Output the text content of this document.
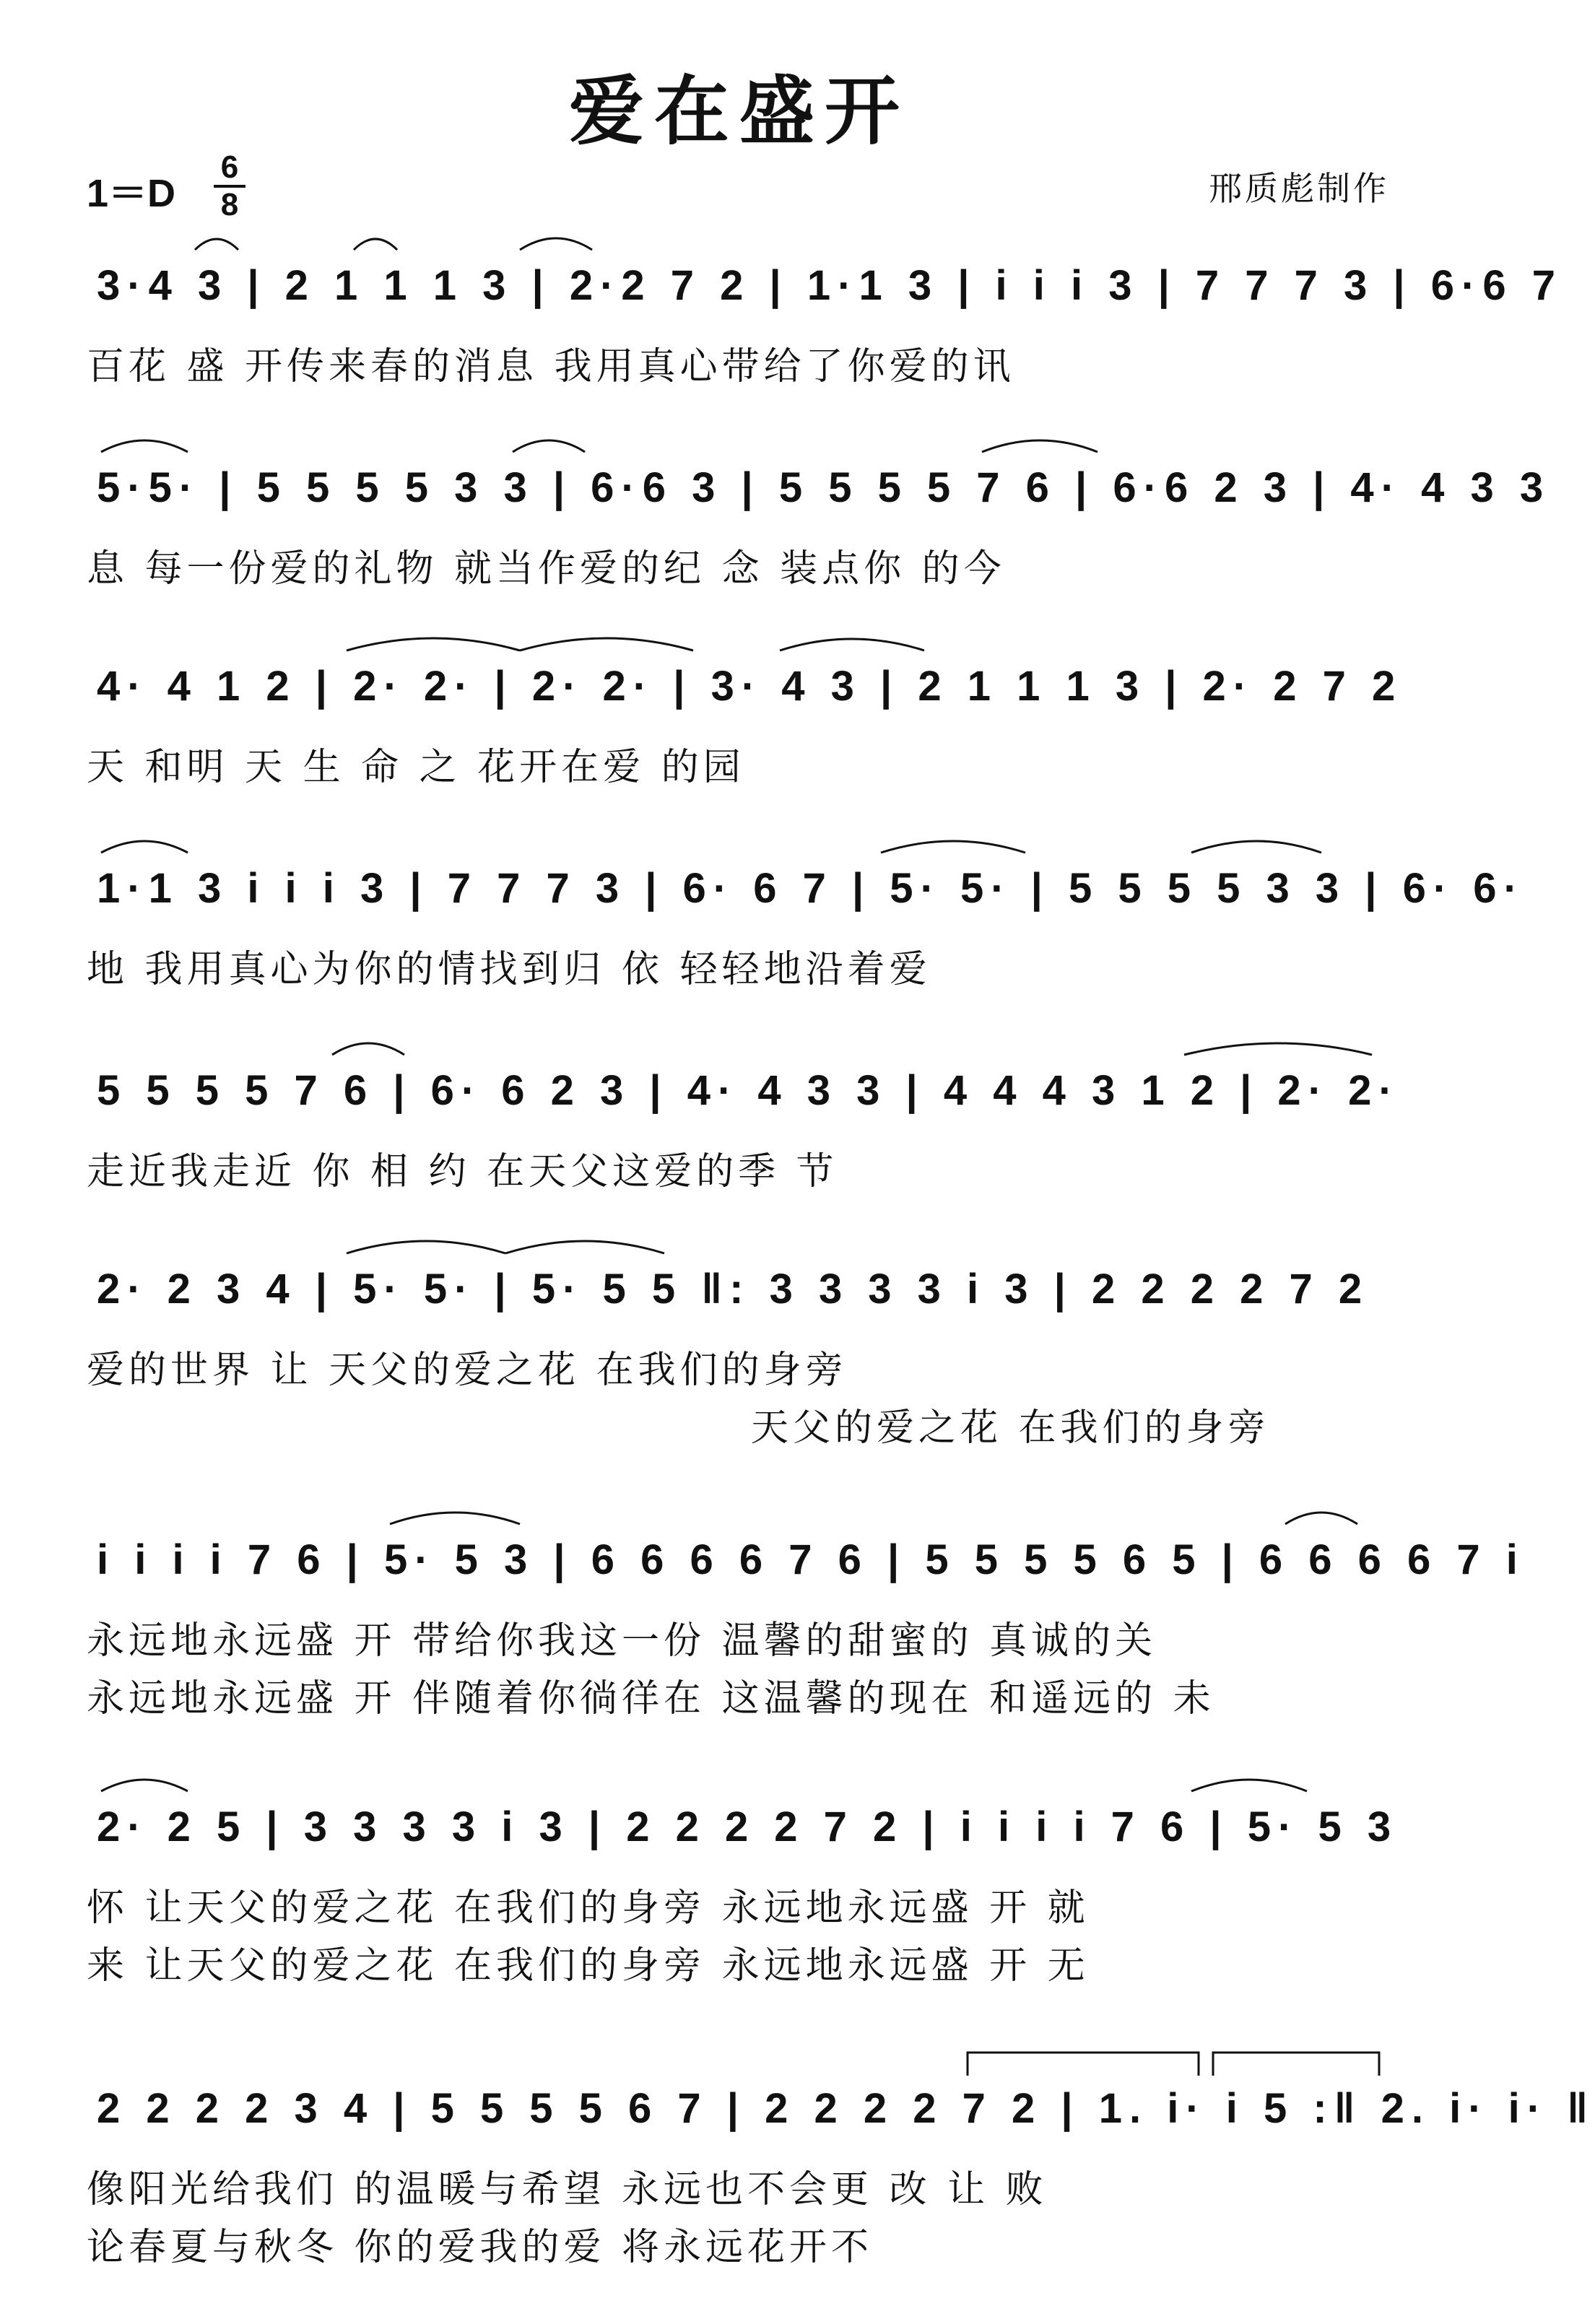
爱在盛开
1＝D
6
8	邢质彪制作
3·4 3 | 2 1 1 1 3 | 2·2 7 2 | 1·1 3 | i i i 3 | 7 7 7 3 | 6·6 7
百花 盛 开传来春的消息 我用真心带给了你爱的讯
5·5· | 5 5 5 5 3 3 | 6·6 3 | 5 5 5 5 7 6 | 6·6 2 3 | 4· 4 3 3
息 每一份爱的礼物 就当作爱的纪 念 装点你 的今
4· 4 1 2 | 2· 2· | 2· 2· | 3· 4 3 | 2 1 1 1 3 | 2· 2 7 2
天 和明 天 生 命 之 花开在爱 的园
1·1 3 i i i 3 | 7 7 7 3 | 6· 6 7 | 5· 5· | 5 5 5 5 3 3 | 6· 6·
地 我用真心为你的情找到归 依 轻轻地沿着爱
5 5 5 5 7 6 | 6· 6 2 3 | 4· 4 3 3 | 4 4 4 3 1 2 | 2· 2·
走近我走近 你 相 约 在天父这爱的季 节
2· 2 3 4 | 5· 5· | 5· 5 5 ‖: 3 3 3 3 i 3 | 2 2 2 2 7 2
爱的世界 让 天父的爱之花 在我们的身旁
天父的爱之花 在我们的身旁
i i i i 7 6 | 5· 5 3 | 6 6 6 6 7 6 | 5 5 5 5 6 5 | 6 6 6 6 7 i
永远地永远盛 开 带给你我这一份 温馨的甜蜜的 真诚的关
永远地永远盛 开 伴随着你徜徉在 这温馨的现在 和遥远的 未
2· 2 5 | 3 3 3 3 i 3 | 2 2 2 2 7 2 | i i i i 7 6 | 5· 5 3
怀 让天父的爱之花 在我们的身旁 永远地永远盛 开 就
来 让天父的爱之花 在我们的身旁 永远地永远盛 开 无
2 2 2 2 3 4 | 5 5 5 5 6 7 | 2 2 2 2 7 2 | 1. i· i 5 :‖ 2. i· i· ‖
像阳光给我们 的温暖与希望 永远也不会更 改 让 败
论春夏与秋冬 你的爱我的爱 将永远花开不
